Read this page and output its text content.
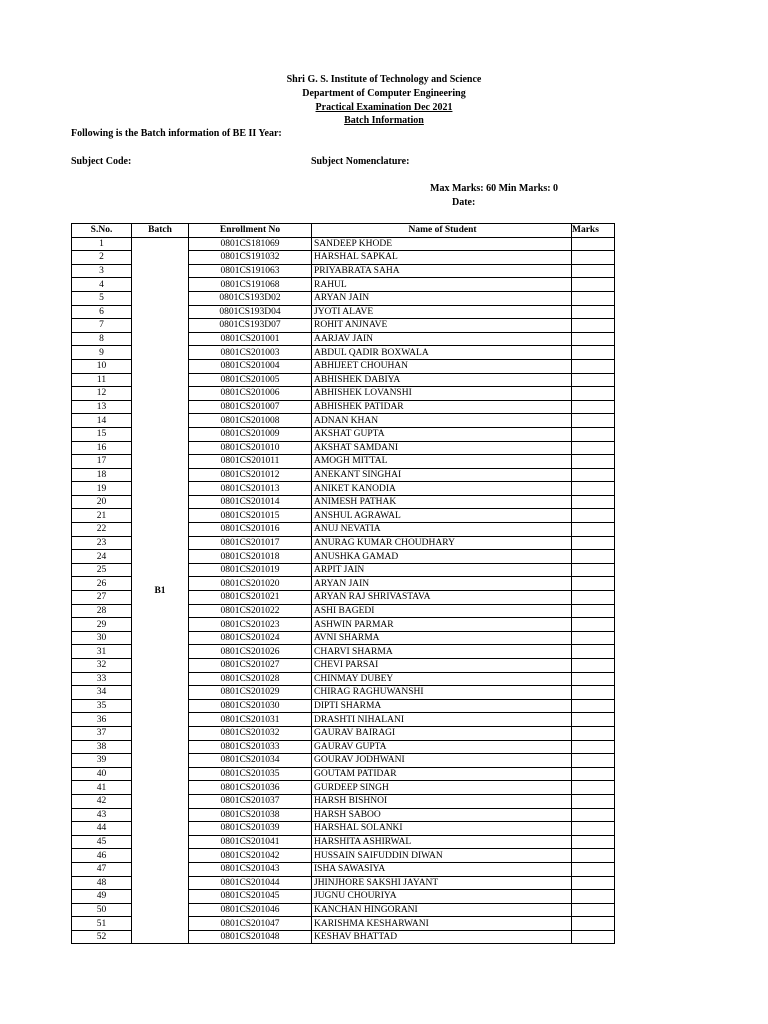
Shri G. S. Institute of Technology and Science
Department of Computer Engineering
Practical Examination Dec 2021
Batch Information
Following is the Batch information of BE II Year:
Subject Code:	Subject Nomenclature:
Max Marks: 60 Min Marks: 0
Date:
S.No.	Batch	Enrollment No	Name of Student	Marks
1	B1	0801CS181069	SANDEEP KHODE	
2		0801CS191032	HARSHAL SAPKAL	
3		0801CS191063	PRIYABRATA SAHA	
4		0801CS191068	RAHUL	
5		0801CS193D02	ARYAN JAIN	
6		0801CS193D04	JYOTI ALAVE	
7		0801CS193D07	ROHIT ANJNAVE	
8		0801CS201001	AARJAV JAIN	
9		0801CS201003	ABDUL QADIR BOXWALA	
10		0801CS201004	ABHIJEET CHOUHAN	
11		0801CS201005	ABHISHEK DABIYA	
12		0801CS201006	ABHISHEK LOVANSHI	
13		0801CS201007	ABHISHEK PATIDAR	
14		0801CS201008	ADNAN KHAN	
15		0801CS201009	AKSHAT GUPTA	
16		0801CS201010	AKSHAT SAMDANI	
17		0801CS201011	AMOGH MITTAL	
18		0801CS201012	ANEKANT SINGHAI	
19		0801CS201013	ANIKET KANODIA	
20		0801CS201014	ANIMESH PATHAK	
21		0801CS201015	ANSHUL AGRAWAL	
22		0801CS201016	ANUJ NEVATIA	
23		0801CS201017	ANURAG KUMAR CHOUDHARY	
24		0801CS201018	ANUSHKA GAMAD	
25		0801CS201019	ARPIT JAIN	
26		0801CS201020	ARYAN JAIN	
27		0801CS201021	ARYAN RAJ SHRIVASTAVA	
28		0801CS201022	ASHI BAGEDI	
29		0801CS201023	ASHWIN PARMAR	
30		0801CS201024	AVNI SHARMA	
31		0801CS201026	CHARVI SHARMA	
32		0801CS201027	CHEVI PARSAI	
33		0801CS201028	CHINMAY DUBEY	
34		0801CS201029	CHIRAG RAGHUWANSHI	
35		0801CS201030	DIPTI SHARMA	
36		0801CS201031	DRASHTI NIHALANI	
37		0801CS201032	GAURAV BAIRAGI	
38		0801CS201033	GAURAV GUPTA	
39		0801CS201034	GOURAV JODHWANI	
40		0801CS201035	GOUTAM PATIDAR	
41		0801CS201036	GURDEEP SINGH	
42		0801CS201037	HARSH BISHNOI	
43		0801CS201038	HARSH SABOO	
44		0801CS201039	HARSHAL SOLANKI	
45		0801CS201041	HARSHITA ASHIRWAL	
46		0801CS201042	HUSSAIN SAIFUDDIN DIWAN	
47		0801CS201043	ISHA SAWASIYA	
48		0801CS201044	JHINJHORE SAKSHI JAYANT	
49		0801CS201045	JUGNU CHOURIYA	
50		0801CS201046	KANCHAN HINGORANI	
51		0801CS201047	KARISHMA KESHARWANI	
52		0801CS201048	KESHAV BHATTAD	
